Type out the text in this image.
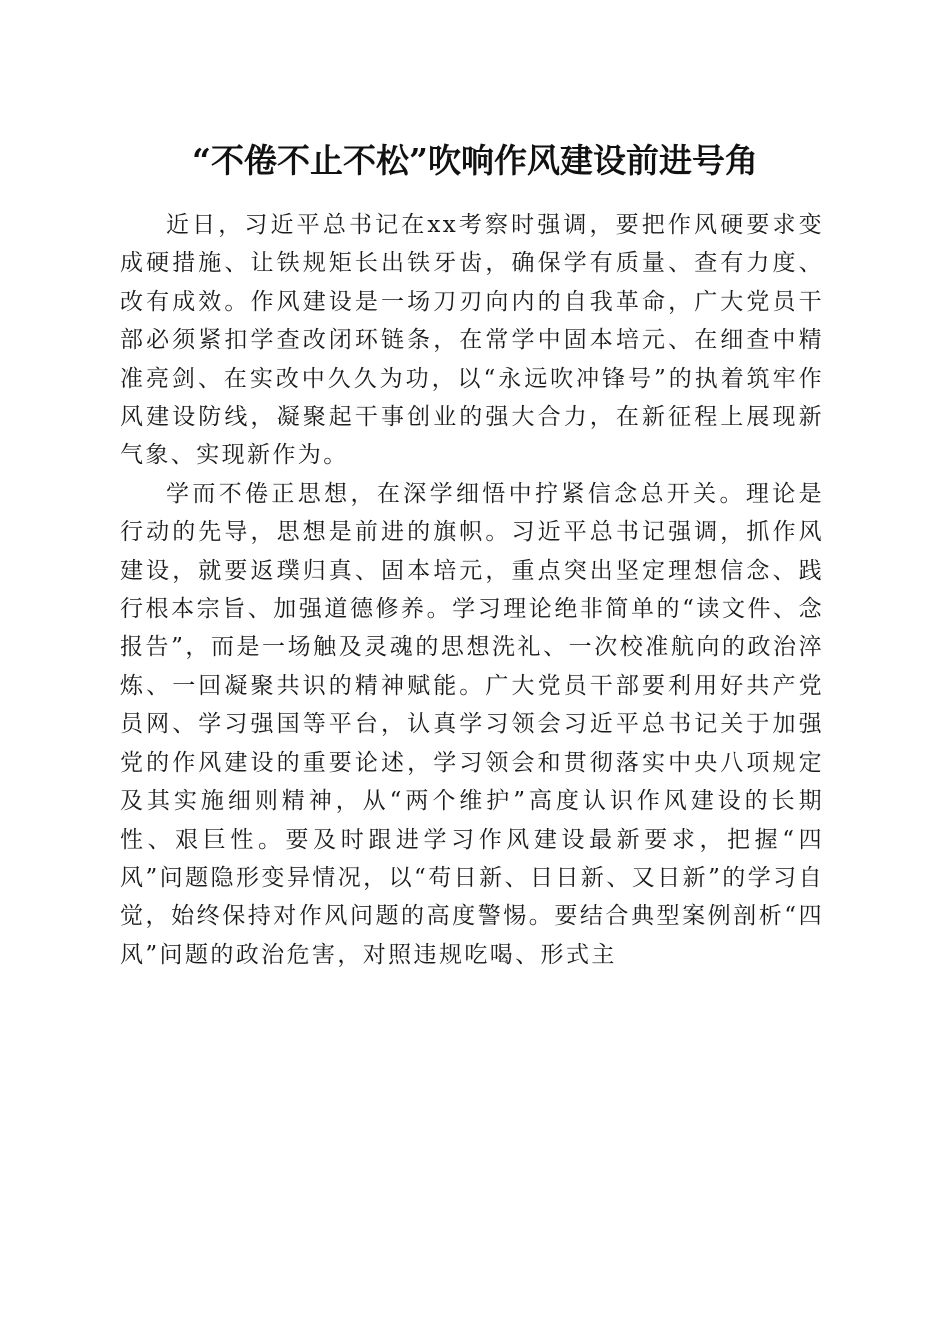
“不倦不止不松”吹响作风建设前进号角

近日，习近平总书记在xx考察时强调，要把作风硬要求变成硬措施、让铁规矩长出铁牙齿，确保学有质量、查有力度、改有成效。作风建设是一场刀刃向内的自我革命，广大党员干部必须紧扣学查改闭环链条，在常学中固本培元、在细查中精准亮剑、在实改中久久为功，以“永远吹冲锋号”的执着筑牢作风建设防线，凝聚起干事创业的强大合力，在新征程上展现新气象、实现新作为。

学而不倦正思想，在深学细悟中拧紧信念总开关。理论是行动的先导，思想是前进的旗帜。习近平总书记强调，抓作风建设，就要返璞归真、固本培元，重点突出坚定理想信念、践行根本宗旨、加强道德修养。学习理论绝非简单的“读文件、念报告”，而是一场触及灵魂的思想洗礼、一次校准航向的政治淬炼、一回凝聚共识的精神赋能。广大党员干部要利用好共产党员网、学习强国等平台，认真学习领会习近平总书记关于加强党的作风建设的重要论述，学习领会和贯彻落实中央八项规定及其实施细则精神，从“两个维护”高度认识作风建设的长期性、艰巨性。要及时跟进学习作风建设最新要求，把握“四风”问题隐形变异情况，以“苟日新、日日新、又日新”的学习自觉，始终保持对作风问题的高度警惕。要结合典型案例剖析“四风”问题的政治危害，对照违规吃喝、形式主
